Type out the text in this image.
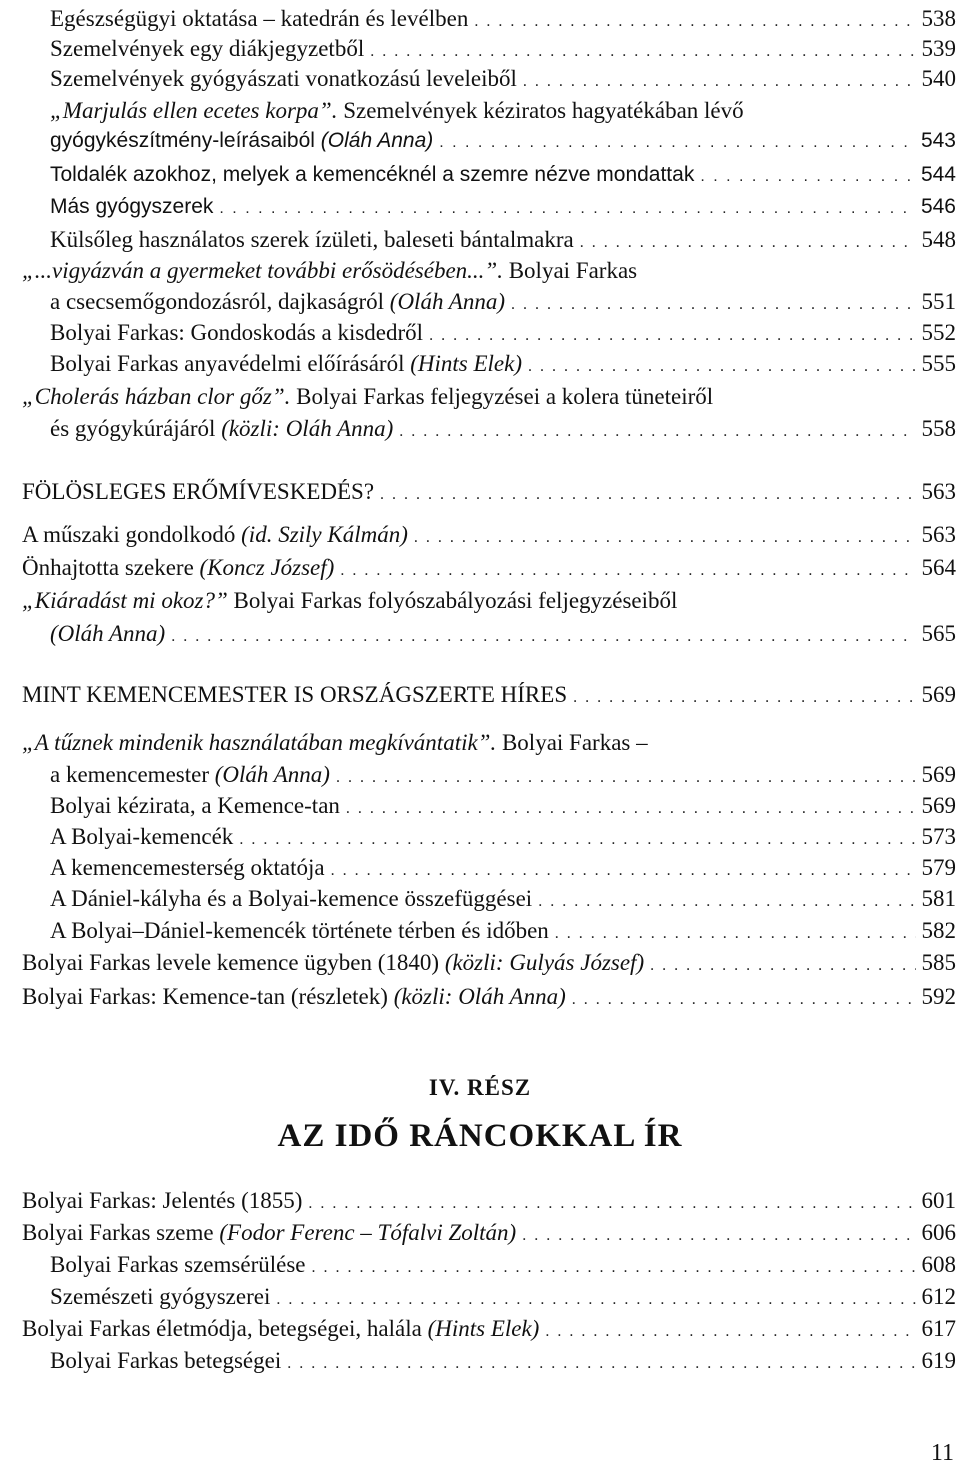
Egészségügyi oktatása – katedrán és levélben . . .	538
Szemelvények egy diákjegyzetből . . .	539
Szemelvények gyógyászati vonatkozású leveleiből . . .	540
„Marjulás ellen ecetes korpa”. Szemelvények kéziratos hagyatékában lévő
gyógykészítmény-leírásaiból (Oláh Anna) . . .	543
Toldalék azokhoz, melyek a kemencéknél a szemre nézve mondattak . . .	544
Más gyógyszerek . . .	546
Külsőleg használatos szerek ízületi, baleseti bántalmakra . . .	548
„...vigyázván a gyermeket további erősödésében...”. Bolyai Farkas
a csecsemőgondozásról, dajkaságról (Oláh Anna) . . .	551
Bolyai Farkas: Gondoskodás a kisdedről . . .	552
Bolyai Farkas anyavédelmi előírásáról (Hints Elek) . . .	555
„Cholerás házban clor gőz”. Bolyai Farkas feljegyzései a kolera tüneteiről
és gyógykúrájáról (közli: Oláh Anna) . . .	558
FÖLÖSLEGES ERŐMÍVESKEDÉS? . . .	563
A műszaki gondolkodó (id. Szily Kálmán) . . .	563
Önhajtotta szekere (Koncz József) . . .	564
„Kiáradást mi okoz?” Bolyai Farkas folyószabályozási feljegyzéseiből
(Oláh Anna) . . .	565
MINT KEMENCEMESTER IS ORSZÁGSZERTE HÍRES . . .	569
„A tűznek mindenik használatában megkívántatik”. Bolyai Farkas –
a kemencemester (Oláh Anna) . . .	569
Bolyai kézirata, a Kemence-tan . . .	569
A Bolyai-kemencék . . .	573
A kemencemesterség oktatója . . .	579
A Dániel-kályha és a Bolyai-kemence összefüggései . . .	581
A Bolyai–Dániel-kemencék története térben és időben . . .	582
Bolyai Farkas levele kemence ügyben (1840) (közli: Gulyás József) . . .	585
Bolyai Farkas: Kemence-tan (részletek) (közli: Oláh Anna) . . .	592
IV. RÉSZ
AZ IDŐ RÁNCOKKAL ÍR
Bolyai Farkas: Jelentés (1855) . . .	601
Bolyai Farkas szeme (Fodor Ferenc – Tófalvi Zoltán) . . .	606
Bolyai Farkas szemsérülése . . .	608
Szemészeti gyógyszerei . . .	612
Bolyai Farkas életmódja, betegségei, halála (Hints Elek) . . .	617
Bolyai Farkas betegségei . . .	619
11
